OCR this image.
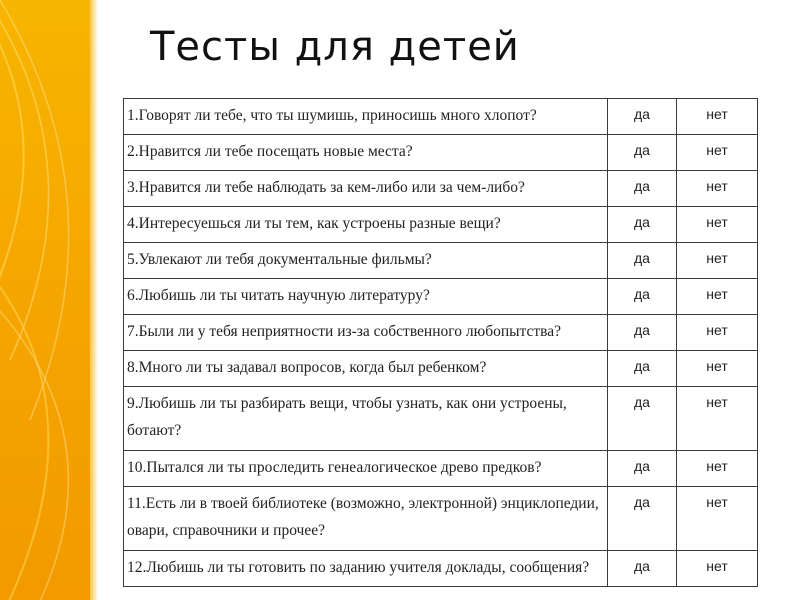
Тесты для детей
1.Говорят ли тебе, что ты шумишь, приносишь много хлопот?	да	нет
2.Нравится ли тебе посещать новые места?	да	нет
3.Нравится ли тебе наблюдать за кем-либо или за чем-либо?	да	нет
4.Интересуешься ли ты тем, как устроены разные вещи?	да	нет
5.Увлекают ли тебя документальные фильмы?	да	нет
6.Любишь ли ты читать научную литературу?	да	нет
7.Были ли у тебя неприятности из-за собственного любопытства?	да	нет
8.Много ли ты задавал вопросов, когда был ребенком?	да	нет
9.Любишь ли ты разбирать вещи, чтобы узнать, как они устроены, ботают?	да	нет
10.Пытался ли ты проследить генеалогическое древо предков?	да	нет
11.Есть ли в твоей библиотеке (возможно, электронной) энциклопедии, овари, справочники и прочее?	да	нет
12.Любишь ли ты готовить по заданию учителя доклады, сообщения?	да	нет
